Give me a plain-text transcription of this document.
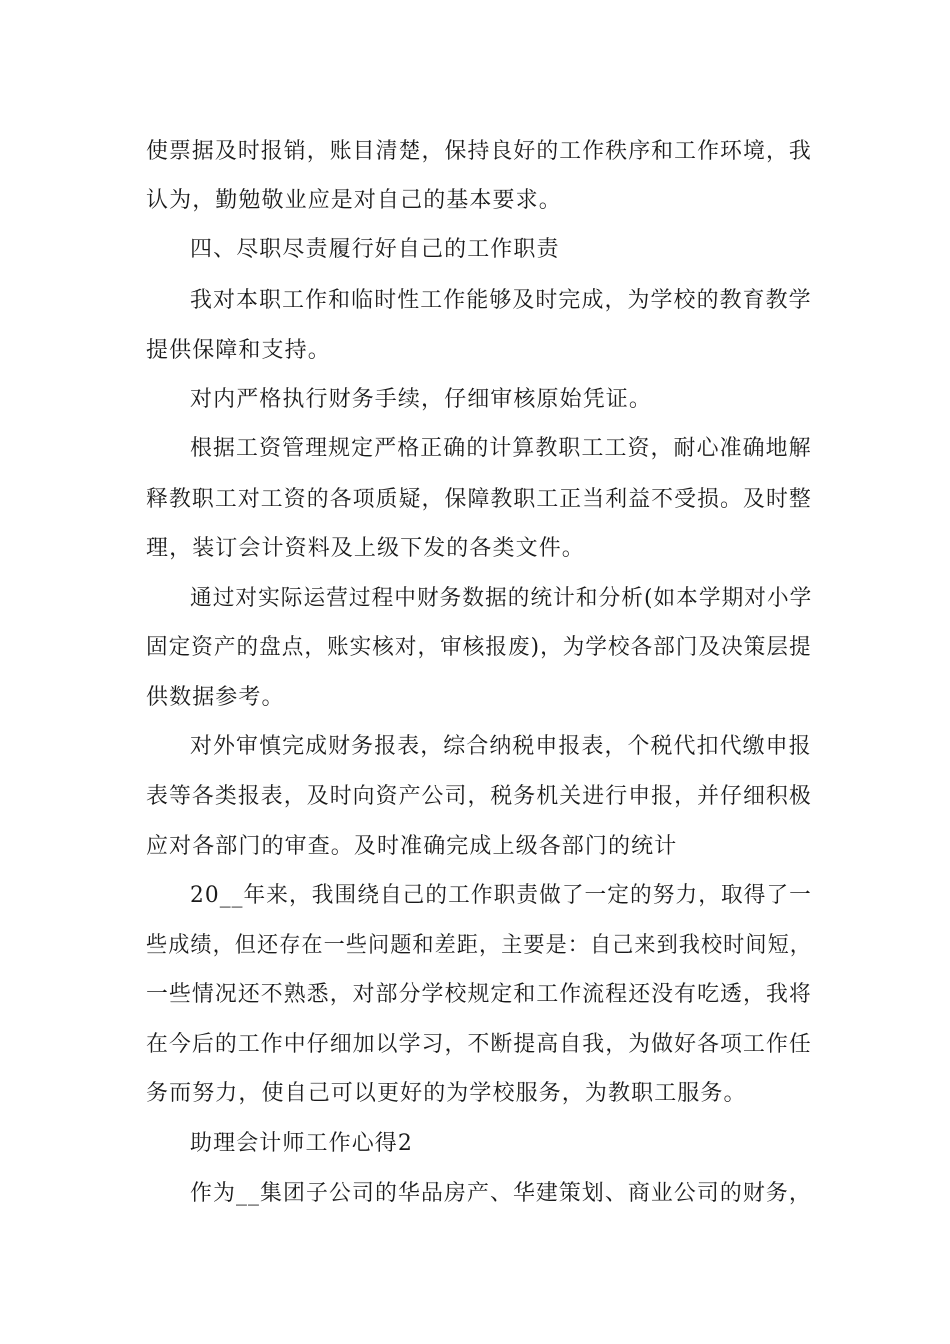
使票据及时报销，账目清楚，保持良好的工作秩序和工作环境，我
认为，勤勉敬业应是对自己的基本要求。
四、尽职尽责履行好自己的工作职责
我对本职工作和临时性工作能够及时完成，为学校的教育教学
提供保障和支持。
对内严格执行财务手续，仔细审核原始凭证。
根据工资管理规定严格正确的计算教职工工资，耐心准确地解
释教职工对工资的各项质疑，保障教职工正当利益不受损。及时整
理，装订会计资料及上级下发的各类文件。
通过对实际运营过程中财务数据的统计和分析(如本学期对小学
固定资产的盘点，账实核对，审核报废)，为学校各部门及决策层提
供数据参考。
对外审慎完成财务报表，综合纳税申报表，个税代扣代缴申报
表等各类报表，及时向资产公司，税务机关进行申报，并仔细积极
应对各部门的审查。及时准确完成上级各部门的统计
20__年来，我围绕自己的工作职责做了一定的努力，取得了一
些成绩，但还存在一些问题和差距，主要是：自己来到我校时间短，
一些情况还不熟悉，对部分学校规定和工作流程还没有吃透，我将
在今后的工作中仔细加以学习，不断提高自我，为做好各项工作任
务而努力，使自己可以更好的为学校服务，为教职工服务。
助理会计师工作心得2
作为__集团子公司的华品房产、华建策划、商业公司的财务，
